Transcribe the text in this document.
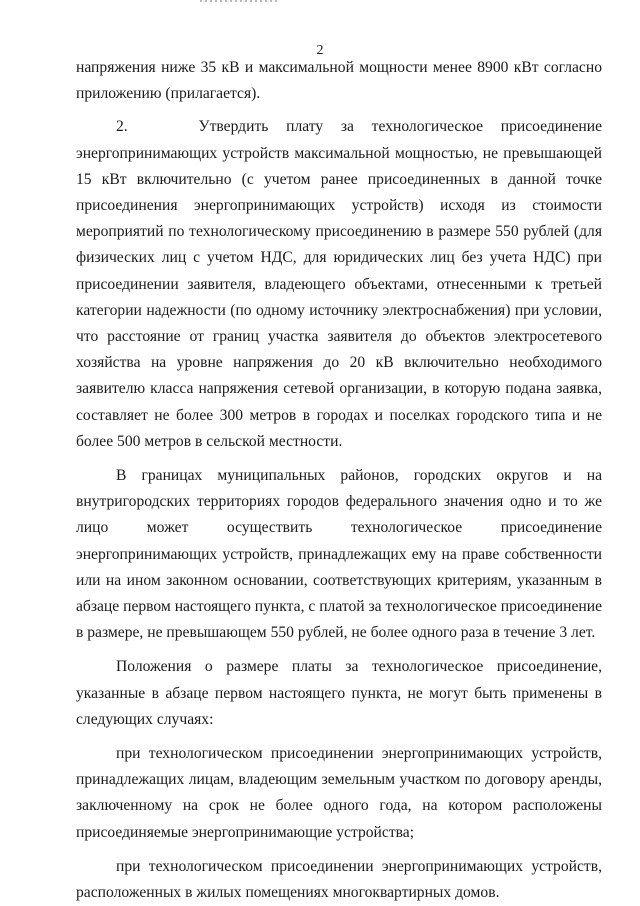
2

напряжения ниже 35 кВ и максимальной мощности менее 8900 кВт согласно приложению (прилагается).

2.    Утвердить плату за технологическое присоединение энергопринимающих устройств максимальной мощностью, не превышающей 15 кВт включительно (с учетом ранее присоединенных в данной точке присоединения энергопринимающих устройств) исходя из стоимости мероприятий по технологическому присоединению в размере 550 рублей (для физических лиц с учетом НДС, для юридических лиц без учета НДС) при присоединении заявителя, владеющего объектами, отнесенными к третьей категории надежности (по одному источнику электроснабжения) при условии, что расстояние от границ участка заявителя до объектов электросетевого хозяйства на уровне напряжения до 20 кВ включительно необходимого заявителю класса напряжения сетевой организации, в которую подана заявка, составляет не более 300 метров в городах и поселках городского типа и не более 500 метров в сельской местности.

В границах муниципальных районов, городских округов и на внутригородских территориях городов федерального значения одно и то же лицо может осуществить технологическое присоединение энергопринимающих устройств, принадлежащих ему на праве собственности или на ином законном основании, соответствующих критериям, указанным в абзаце первом настоящего пункта, с платой за технологическое присоединение в размере, не превышающем 550 рублей, не более одного раза в течение 3 лет.

Положения о размере платы за технологическое присоединение, указанные в абзаце первом настоящего пункта, не могут быть применены в следующих случаях:

при технологическом присоединении энергопринимающих устройств, принадлежащих лицам, владеющим земельным участком по договору аренды, заключенному на срок не более одного года, на котором расположены присоединяемые энергопринимающие устройства;

при технологическом присоединении энергопринимающих устройств, расположенных в жилых помещениях многоквартирных домов.
